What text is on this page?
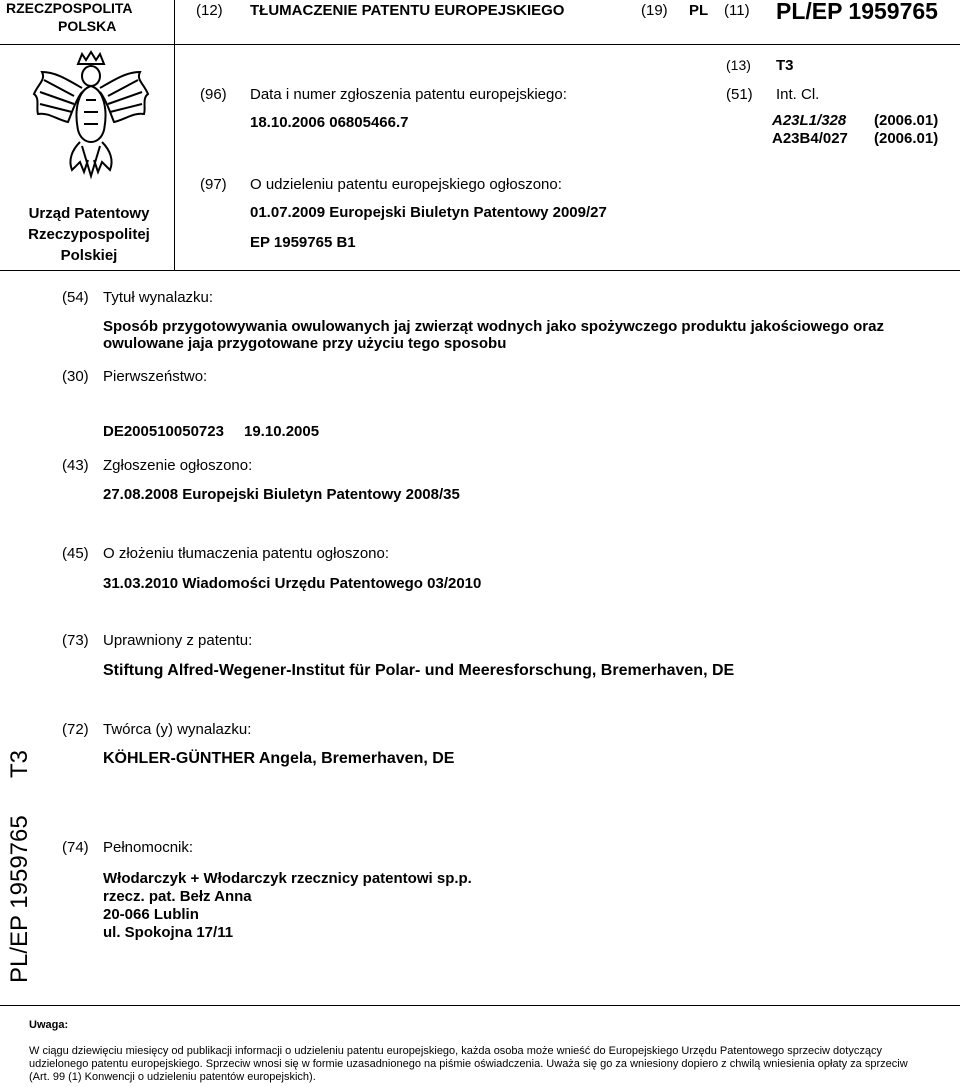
RZECZPOSPOLITA
POLSKA
(12) TŁUMACZENIE PATENTU EUROPEJSKIEGO	(19) PL (11) PL/EP 1959765
Urząd Patentowy
Rzeczypospolitej
Polskiej
(13) T3
(96) Data i numer zgłoszenia patentu europejskiego:
18.10.2006 06805466.7
(51) Int. Cl.
A23L1/328 (2006.01)
A23B4/027 (2006.01)
(97) O udzieleniu patentu europejskiego ogłoszono:
01.07.2009 Europejski Biuletyn Patentowy 2009/27
EP 1959765 B1
(54) Tytuł wynalazku:
Sposób przygotowywania owulowanych jaj zwierząt wodnych jako spożywczego produktu jakościowego oraz owulowane jaja przygotowane przy użyciu tego sposobu
(30) Pierwszeństwo:
DE200510050723 19.10.2005
(43) Zgłoszenie ogłoszono:
27.08.2008 Europejski Biuletyn Patentowy 2008/35
(45) O złożeniu tłumaczenia patentu ogłoszono:
31.03.2010 Wiadomości Urzędu Patentowego 03/2010
(73) Uprawniony z patentu:
Stiftung Alfred-Wegener-Institut für Polar- und Meeresforschung, Bremerhaven, DE
(72) Twórca (y) wynalazku:
KÖHLER-GÜNTHER Angela, Bremerhaven, DE
(74) Pełnomocnik:
Włodarczyk + Włodarczyk rzecznicy patentowi sp.p.
rzecz. pat. Bełz Anna
20-066 Lublin
ul. Spokojna 17/11
PL/EP 1959765
T3
Uwaga:
W ciągu dziewięciu miesięcy od publikacji informacji o udzieleniu patentu europejskiego, każda osoba może wnieść do Europejskiego Urzędu Patentowego sprzeciw dotyczący udzielonego patentu europejskiego. Sprzeciw wnosi się w formie uzasadnionego na piśmie oświadczenia. Uważa się go za wniesiony dopiero z chwilą wniesienia opłaty za sprzeciw (Art. 99 (1) Konwencji o udzieleniu patentów europejskich).
